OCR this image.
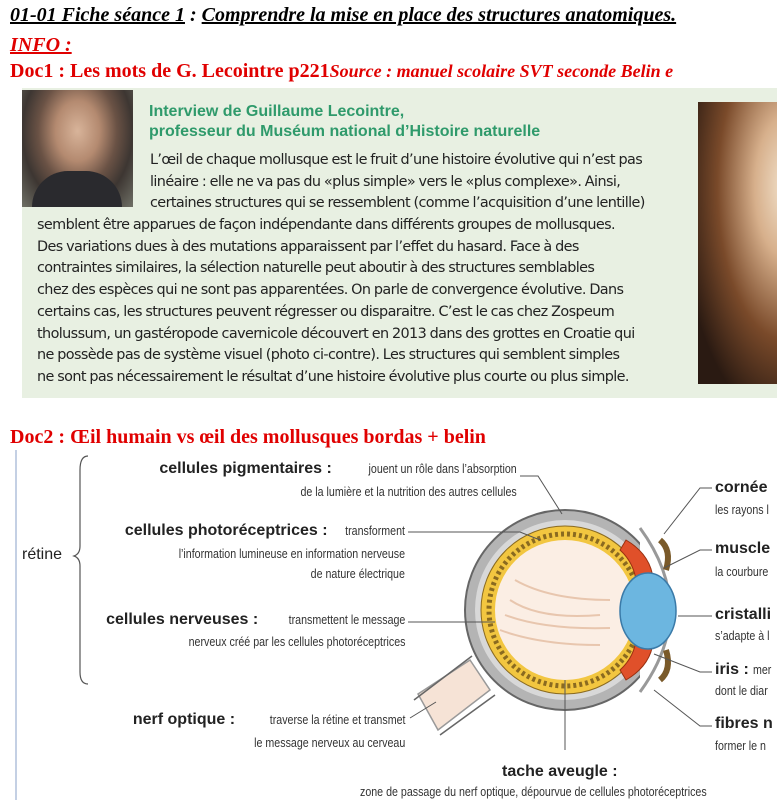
01-01 Fiche séance 1 : Comprendre la mise en place des structures anatomiques.
INFO :
Doc1 : Les mots de G. Lecointre p221Source : manuel scolaire SVT seconde Belin e
Interview de Guillaume Lecointre,
professeur du Muséum national d’Histoire naturelle
L’œil de chaque mollusque est le fruit d’une histoire évolutive qui n’est pas
linéaire : elle ne va pas du «plus simple» vers le «plus complexe». Ainsi,
certaines structures qui se ressemblent (comme l’acquisition d’une lentille)
semblent être apparues de façon indépendante dans différents groupes de mollusques.
Des variations dues à des mutations apparaissent par l’effet du hasard. Face à des
contraintes similaires, la sélection naturelle peut aboutir à des structures semblables
chez des espèces qui ne sont pas apparentées. On parle de convergence évolutive. Dans
certains cas, les structures peuvent régresser ou disparaitre. C’est le cas chez Zospeum
tholussum, un gastéropode cavernicole découvert en 2013 dans des grottes en Croatie qui
ne possède pas de système visuel (photo ci-contre). Les structures qui semblent simples
ne sont pas nécessairement le résultat d’une histoire évolutive plus courte ou plus simple.
Doc2 : Œil humain vs œil des mollusques bordas + belin
rétine
cellules pigmentaires :	jouent un rôle dans l’absorption
de la lumière et la nutrition des autres cellules
cellules photoréceptrices : transforment
l’information lumineuse en information nerveuse
de nature électrique
cellules nerveuses : transmettent le message
nerveux créé par les cellules photoréceptrices
nerf optique :	traverse la rétine et transmet
le message nerveux au cerveau
tache aveugle :
zone de passage du nerf optique, dépourvue de cellules photoréceptrices
cornée
les rayons l
muscle
la courbure
cristalli
s’adapte à l
iris : mer
dont le diar
fibres n
former le n
